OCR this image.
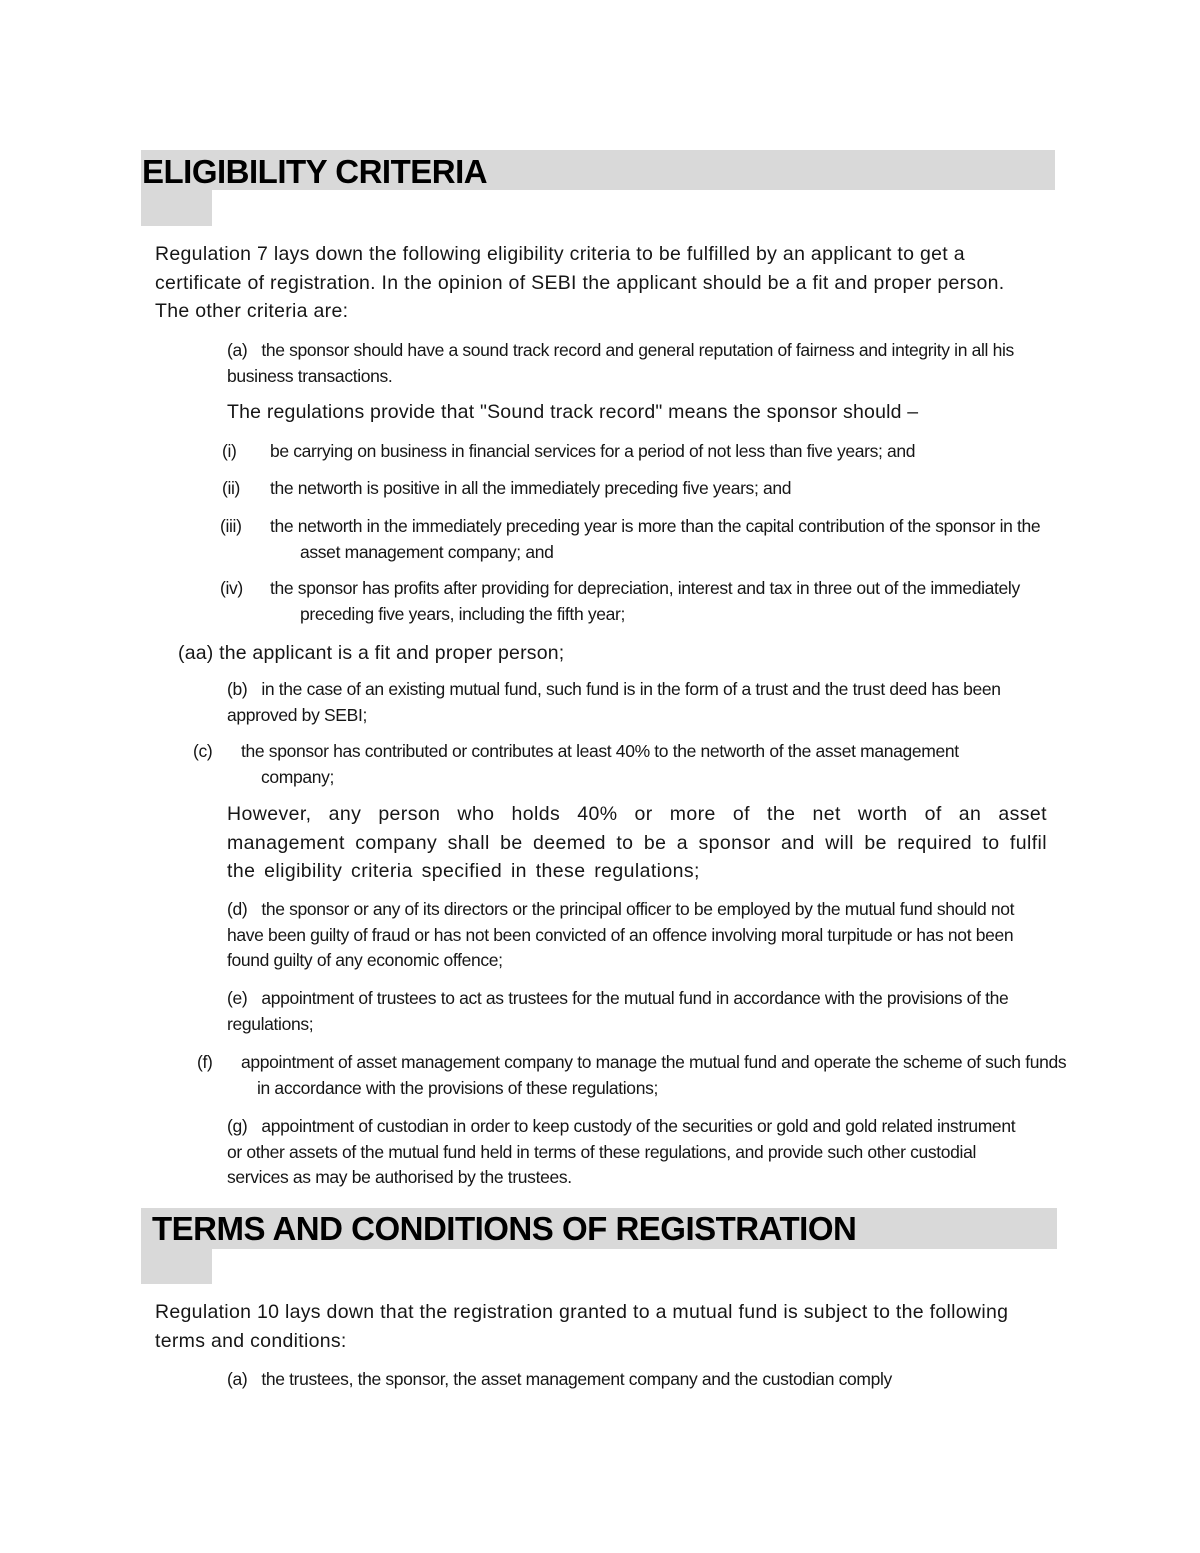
ELIGIBILITY CRITERIA

Regulation 7 lays down the following eligibility criteria to be fulfilled by an applicant to get a certificate of registration. In the opinion of SEBI the applicant should be a fit and proper person. The other criteria are:

(a) the sponsor should have a sound track record and general reputation of fairness and integrity in all his business transactions.

The regulations provide that "Sound track record" means the sponsor should –

(i) be carrying on business in financial services for a period of not less than five years; and

(ii) the networth is positive in all the immediately preceding five years; and

(iii) the networth in the immediately preceding year is more than the capital contribution of the sponsor in the asset management company; and

(iv) the sponsor has profits after providing for depreciation, interest and tax in three out of the immediately preceding five years, including the fifth year;

(aa) the applicant is a fit and proper person;

(b) in the case of an existing mutual fund, such fund is in the form of a trust and the trust deed has been approved by SEBI;

(c) the sponsor has contributed or contributes at least 40% to the networth of the asset management company;

However, any person who holds 40% or more of the net worth of an asset management company shall be deemed to be a sponsor and will be required to fulfil the eligibility criteria specified in these regulations;

(d) the sponsor or any of its directors or the principal officer to be employed by the mutual fund should not have been guilty of fraud or has not been convicted of an offence involving moral turpitude or has not been found guilty of any economic offence;

(e) appointment of trustees to act as trustees for the mutual fund in accordance with the provisions of the regulations;

(f) appointment of asset management company to manage the mutual fund and operate the scheme of such funds in accordance with the provisions of these regulations;

(g) appointment of custodian in order to keep custody of the securities or gold and gold related instrument or other assets of the mutual fund held in terms of these regulations, and provide such other custodial services as may be authorised by the trustees.

TERMS AND CONDITIONS OF REGISTRATION

Regulation 10 lays down that the registration granted to a mutual fund is subject to the following terms and conditions:

(a) the trustees, the sponsor, the asset management company and the custodian comply
